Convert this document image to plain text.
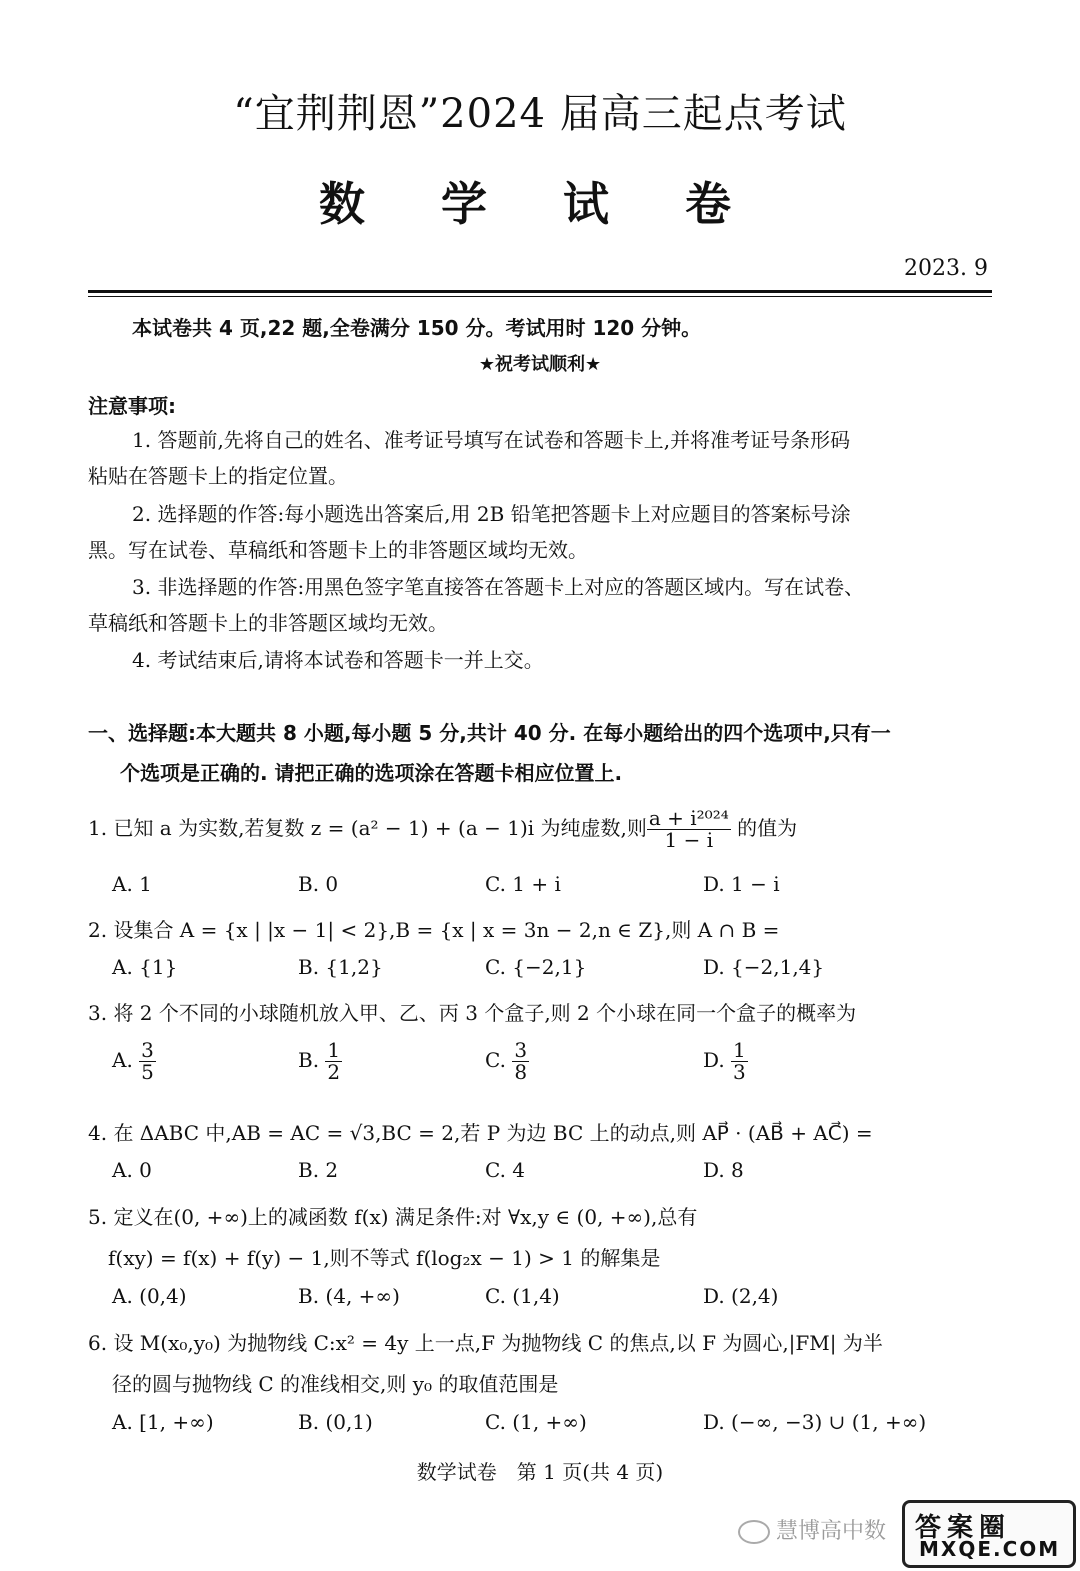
“宜荆荆恩”2024 届高三起点考试
数 学 试 卷
2023. 9
本试卷共 4 页,22 题,全卷满分 150 分。考试用时 120 分钟。
★祝考试顺利★
注意事项:
1. 答题前,先将自己的姓名、准考证号填写在试卷和答题卡上,并将准考证号条形码
粘贴在答题卡上的指定位置。
2. 选择题的作答:每小题选出答案后,用 2B 铅笔把答题卡上对应题目的答案标号涂
黑。写在试卷、草稿纸和答题卡上的非答题区域均无效。
3. 非选择题的作答:用黑色签字笔直接答在答题卡上对应的答题区域内。写在试卷、
草稿纸和答题卡上的非答题区域均无效。
4. 考试结束后,请将本试卷和答题卡一并上交。
一、选择题:本大题共 8 小题,每小题 5 分,共计 40 分. 在每小题给出的四个选项中,只有一
个选项是正确的. 请把正确的选项涂在答题卡相应位置上.
1. 已知 a 为实数,若复数 z = (a² − 1) + (a − 1)i 为纯虚数,则 $\frac{\text{a + i²⁰²⁴}}{1 - i}$ 的值为
A. 1	B. 0	C. 1 + i	D. 1 − i
2. 设集合 A = {x | |x − 1| < 2},B = {x | x = 3n − 2,n ∈ Z},则 A ∩ B =
A. {1}	B. {1,2}	C. {−2,1}	D. {−2,1,4}
3. 将 2 个不同的小球随机放入甲、乙、丙 3 个盒子,则 2 个小球在同一个盒子的概率为
A. $\frac{3}{5}$	B. $\frac{1}{2}$	C. $\frac{3}{8}$	D. $\frac{1}{3}$
4. 在 ΔABC 中,AB = AC = √3,BC = 2,若 P 为边 BC 上的动点,则 AP⃗ · (AB⃗ + AC⃗) =
A. 0	B. 2	C. 4	D. 8
5. 定义在(0, +∞)上的减函数 f(x) 满足条件:对 ∀x,y ∈ (0, +∞),总有
f(xy) = f(x) + f(y) − 1,则不等式 f(log₂x − 1) > 1 的解集是
A. (0,4)	B. (4, +∞)	C. (1,4)	D. (2,4)
6. 设 M(x₀,y₀) 为抛物线 C:x² = 4y 上一点,F 为抛物线 C 的焦点,以 F 为圆心,|FM| 为半
径的圆与抛物线 C 的准线相交,则 y₀ 的取值范围是
A. [1, +∞)	B. (0,1)	C. (1, +∞)	D. (−∞, −3) ∪ (1, +∞)
数学试卷　第 1 页(共 4 页)
慧博高中数 答案圈
MXQE.COM
